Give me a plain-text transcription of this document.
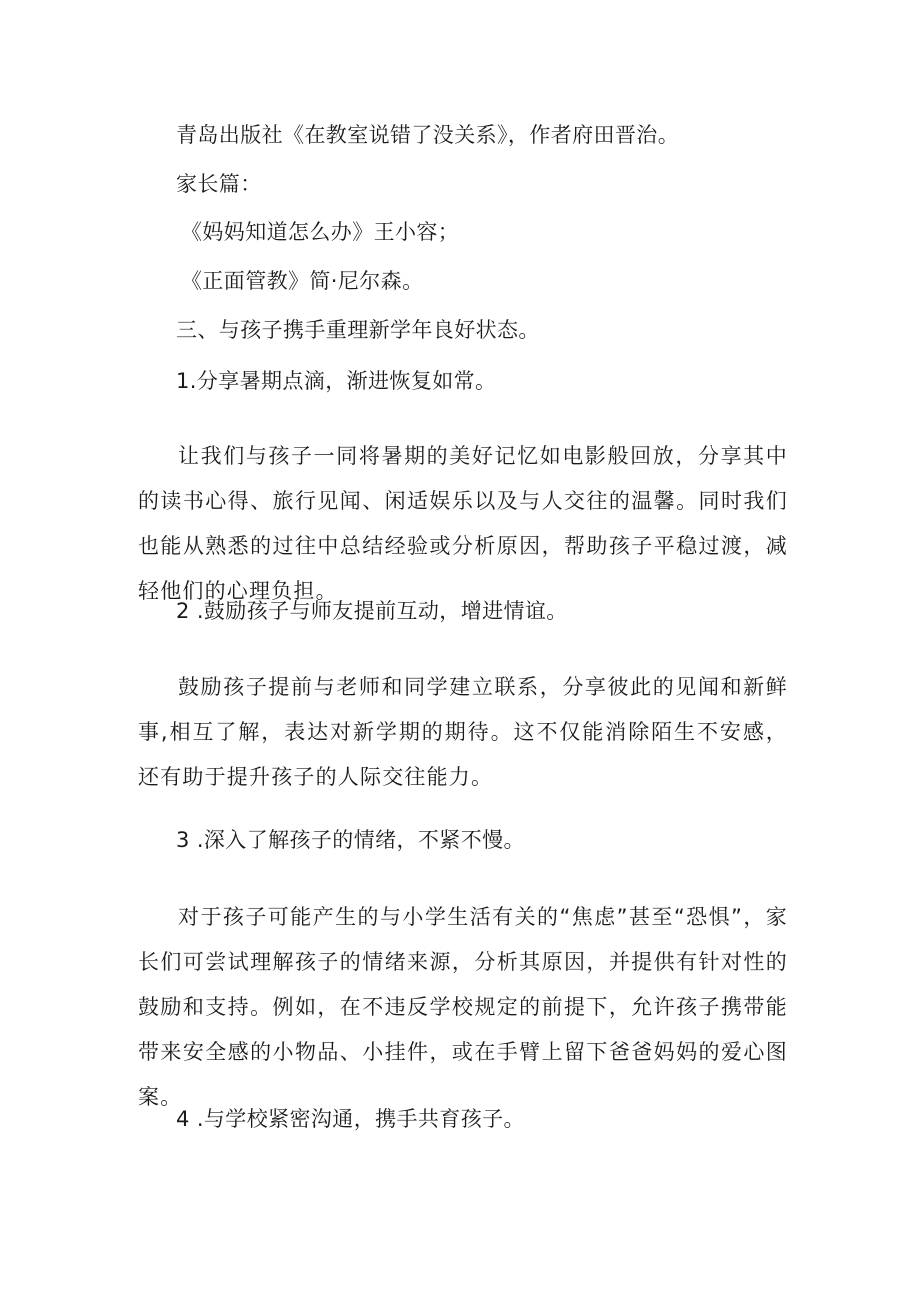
青岛出版社《在教室说错了没关系》，作者府田晋治。
家长篇：
《妈妈知道怎么办》王小容；
《正面管教》简·尼尔森。
三、与孩子携手重理新学年良好状态。
1.分享暑期点滴，渐进恢复如常。
让我们与孩子一同将暑期的美好记忆如电影般回放，分享其中的读书心得、旅行见闻、闲适娱乐以及与人交往的温馨。同时我们也能从熟悉的过往中总结经验或分析原因，帮助孩子平稳过渡，减轻他们的心理负担。
2 .鼓励孩子与师友提前互动，增进情谊。
鼓励孩子提前与老师和同学建立联系，分享彼此的见闻和新鲜事,相互了解，表达对新学期的期待。这不仅能消除陌生不安感，还有助于提升孩子的人际交往能力。
3 .深入了解孩子的情绪，不紧不慢。
对于孩子可能产生的与小学生活有关的“焦虑”甚至“恐惧”，家长们可尝试理解孩子的情绪来源，分析其原因，并提供有针对性的鼓励和支持。例如，在不违反学校规定的前提下，允许孩子携带能带来安全感的小物品、小挂件，或在手臂上留下爸爸妈妈的爱心图案。
4 .与学校紧密沟通，携手共育孩子。
